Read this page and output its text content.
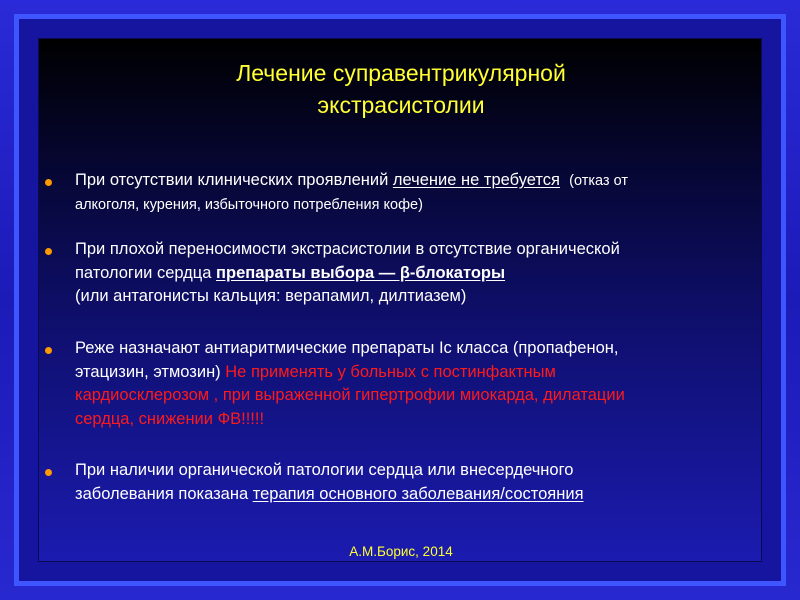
Лечение суправентрикулярной
экстрасистолии
При отсутствии клинических проявлений лечение не требуется (отказ от
алкоголя, курения, избыточного потребления кофе)
При плохой переносимости экстрасистолии в отсутствие органической
патологии сердца препараты выбора — β-блокаторы
(или антагонисты кальция: верапамил, дилтиазем)
Реже назначают антиаритмические препараты Iс класса (пропафенон,
этацизин, этмозин) Не применять у больных с постинфактным
кардиосклерозом , при выраженной гипертрофии миокарда, дилатации
сердца, снижении ФВ!!!!!
При наличии органической патологии сердца или внесердечного
заболевания показана терапия основного заболевания/состояния
А.М.Борис, 2014
